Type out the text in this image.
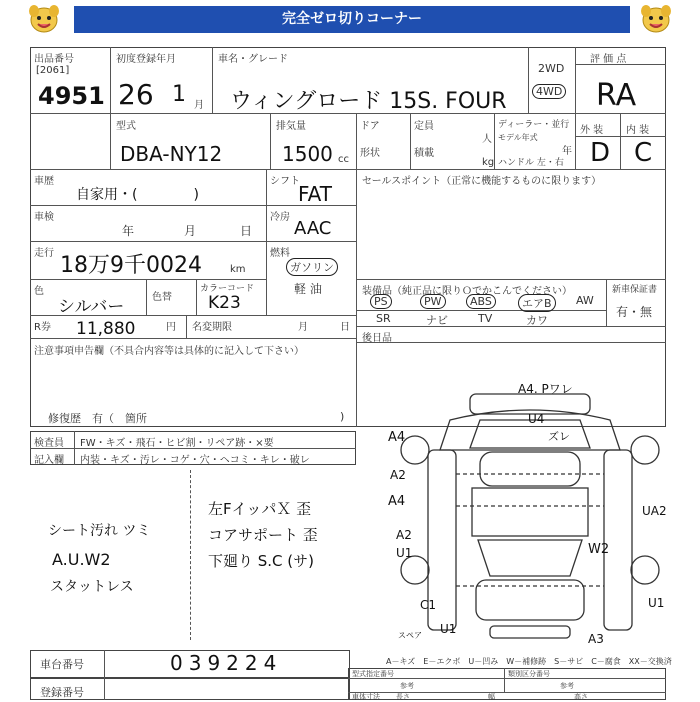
完全ゼロ切りコーナー
出品番号
[2061]
4951
初度登録年月
26 1 月
車名・グレード
ウィングロード 15S. FOUR
2WD
4WD
評 価 点
RA
型式
DBA-NY12
排気量
1500 cc
ドア	定員
人
形状	積載
kg
ディーラー・並行
モデル年式
年
ハンドル 左・右
外 装 内 装
D C
車歴
自家用・(　　　　)
シフト
FAT
車検
年	月	日
冷房
AAC
走行 18万9千0024	km
燃料
ガソリン
軽 油
色
シルバー	色替
カラーコード
K23
R券 11,880	円 名変期限	月	日
注意事項申告欄（不具合内容等は具体的に記入して下さい）
修復歴　有（　箇所	)
セールスポイント（正常に機能するものに限ります）
装備品（純正品に限りＯでかこんでください）	新車保証書
有・無
PS	PW	ABS	エアB	AW
SR	ナビ	TV	カワ
後日品
検査員
記入欄
FW・キズ・飛石・ヒビ割・リペア跡・×要
内装・キズ・汚レ・コゲ・穴・ヘコミ・キレ・破レ
シート汚れ ツミ
A.U.W2
スタットレス
左FイッパＸ 歪
コアサポート 歪
下廻り S.C (サ)
A4. Pワレ
U4
ズレ
A4
A2
A4
A2
U1
UA2
W2
C1
U1
スペア
U1
A3
A－キズ　E－エクボ　U－凹み　W－補修跡　S－サビ　C－腐食　XX－交換済
車台番号	039224
登録番号
型式指定番号	類別区分番号
参考	参考
車体寸法 長さ	幅	高さ
